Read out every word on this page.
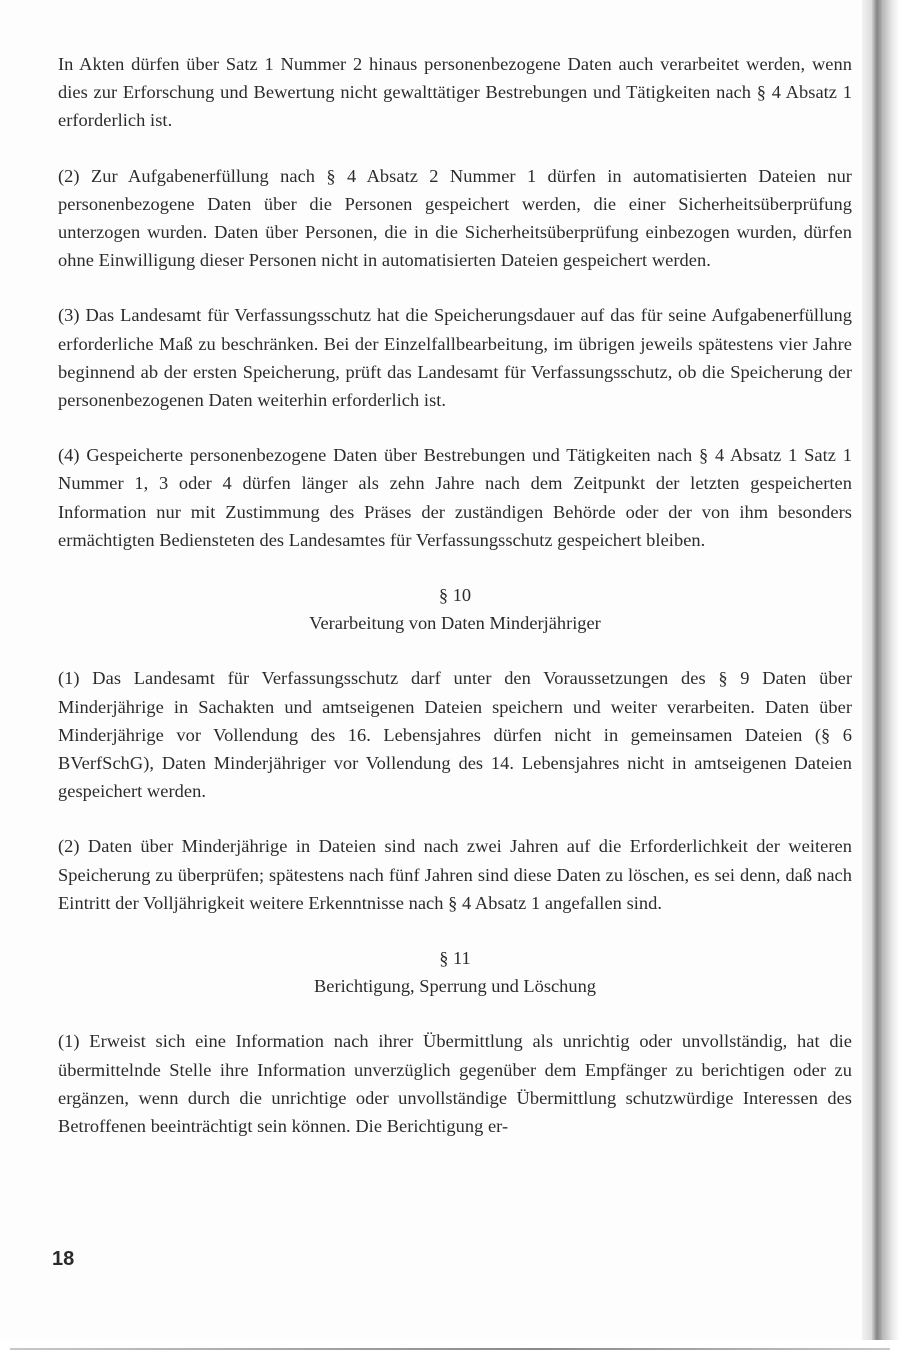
In Akten dürfen über Satz 1 Nummer 2 hinaus personenbezogene Daten auch verarbeitet werden, wenn dies zur Erforschung und Bewertung nicht gewalttätiger Bestrebungen und Tätigkeiten nach § 4 Absatz 1 erforderlich ist.

(2) Zur Aufgabenerfüllung nach § 4 Absatz 2 Nummer 1 dürfen in automatisierten Dateien nur personenbezogene Daten über die Personen gespeichert werden, die einer Sicherheitsüberprüfung unterzogen wurden. Daten über Personen, die in die Sicherheitsüberprüfung einbezogen wurden, dürfen ohne Einwilligung dieser Personen nicht in automatisierten Dateien gespeichert werden.

(3) Das Landesamt für Verfassungsschutz hat die Speicherungsdauer auf das für seine Aufgabenerfüllung erforderliche Maß zu beschränken. Bei der Einzelfallbearbeitung, im übrigen jeweils spätestens vier Jahre beginnend ab der ersten Speicherung, prüft das Landesamt für Verfassungsschutz, ob die Speicherung der personenbezogenen Daten weiterhin erforderlich ist.

(4) Gespeicherte personenbezogene Daten über Bestrebungen und Tätigkeiten nach § 4 Absatz 1 Satz 1 Nummer 1, 3 oder 4 dürfen länger als zehn Jahre nach dem Zeitpunkt der letzten gespeicherten Information nur mit Zustimmung des Präses der zuständigen Behörde oder der von ihm besonders ermächtigten Bediensteten des Landesamtes für Verfassungsschutz gespeichert bleiben.

§ 10
Verarbeitung von Daten Minderjähriger

(1) Das Landesamt für Verfassungsschutz darf unter den Voraussetzungen des § 9 Daten über Minderjährige in Sachakten und amtseigenen Dateien speichern und weiter verarbeiten. Daten über Minderjährige vor Vollendung des 16. Lebensjahres dürfen nicht in gemeinsamen Dateien (§ 6 BVerfSchG), Daten Minderjähriger vor Vollendung des 14. Lebensjahres nicht in amtseigenen Dateien gespeichert werden.

(2) Daten über Minderjährige in Dateien sind nach zwei Jahren auf die Erforderlichkeit der weiteren Speicherung zu überprüfen; spätestens nach fünf Jahren sind diese Daten zu löschen, es sei denn, daß nach Eintritt der Volljährigkeit weitere Erkenntnisse nach § 4 Absatz 1 angefallen sind.

§ 11
Berichtigung, Sperrung und Löschung

(1) Erweist sich eine Information nach ihrer Übermittlung als unrichtig oder unvollständig, hat die übermittelnde Stelle ihre Information unverzüglich gegenüber dem Empfänger zu berichtigen oder zu ergänzen, wenn durch die unrichtige oder unvollständige Übermittlung schutzwürdige Interessen des Betroffenen beeinträchtigt sein können. Die Berichtigung er-

18
